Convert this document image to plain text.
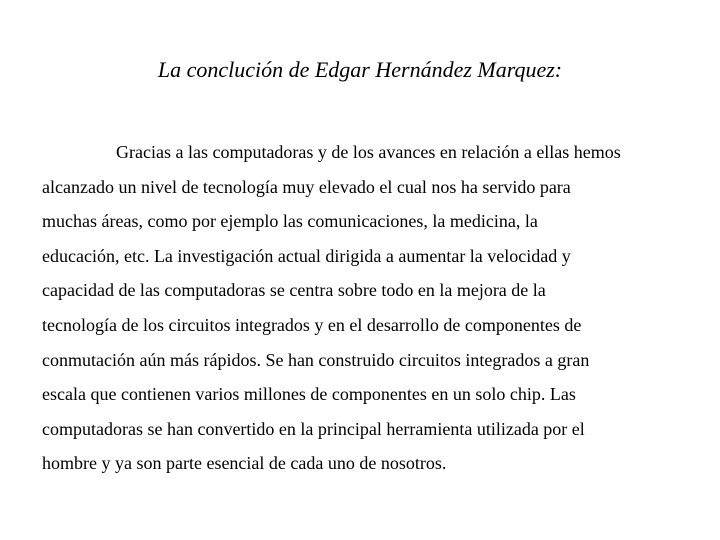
La conclución de Edgar Hernández Marquez:
Gracias a las computadoras y de los avances en relación a ellas hemos
alcanzado un nivel de tecnología muy elevado el cual nos ha servido para
muchas áreas, como por ejemplo las comunicaciones, la medicina, la
educación, etc. La investigación actual dirigida a aumentar la velocidad y
capacidad de las computadoras se centra sobre todo en la mejora de la
tecnología de los circuitos integrados y en el desarrollo de componentes de
conmutación aún más rápidos. Se han construido circuitos integrados a gran
escala que contienen varios millones de componentes en un solo chip. Las
computadoras se han convertido en la principal herramienta utilizada por el
hombre y ya son parte esencial de cada uno de nosotros.
